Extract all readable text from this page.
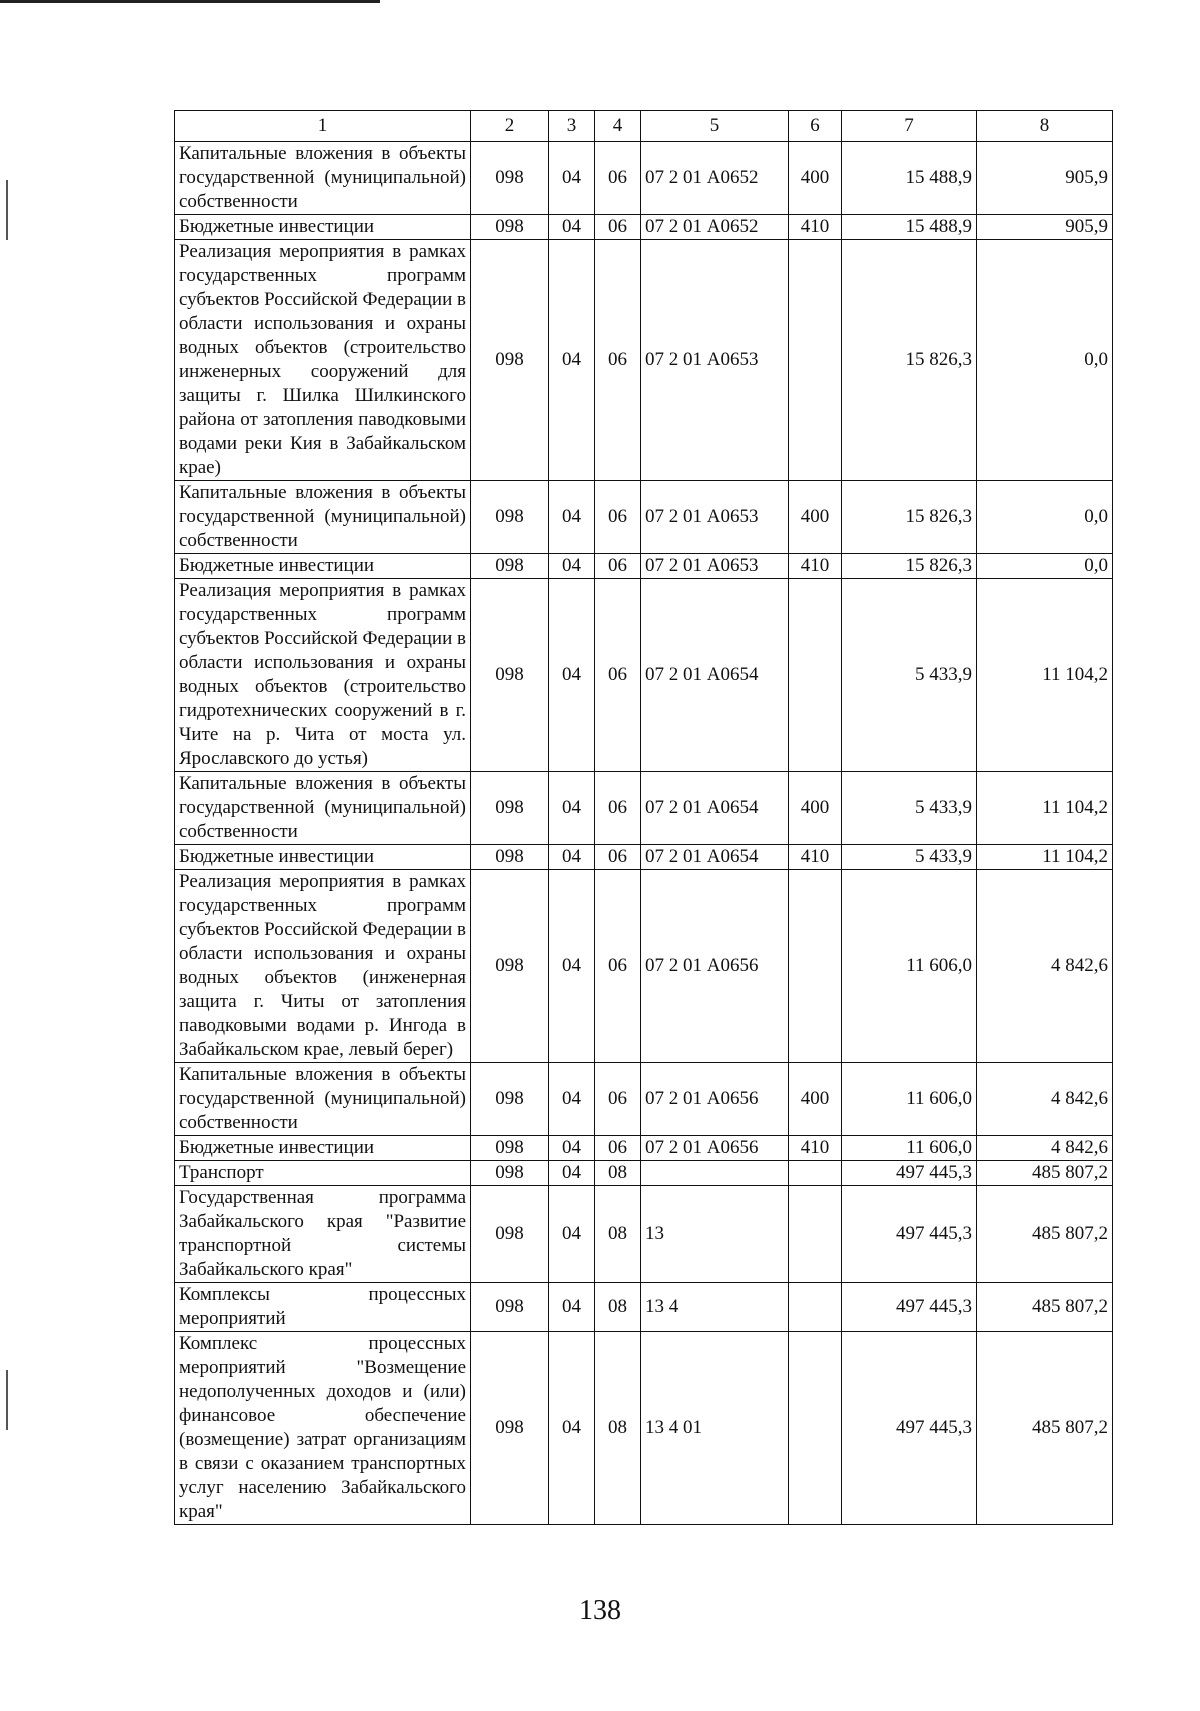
1	2	3	4	5	6	7	8
Капитальные вложения в объекты государственной (муниципальной) собственности	098	04	06	07 2 01 А0652	400	15 488,9	905,9
Бюджетные инвестиции	098	04	06	07 2 01 А0652	410	15 488,9	905,9
Реализация мероприятия в рамках государственных программ субъектов Российской Федерации в области использования и охраны водных объектов (строительство инженерных сооружений для защиты г. Шилка Шилкинского района от затопления паводковыми водами реки Кия в Забайкальском крае)	098	04	06	07 2 01 А0653		15 826,3	0,0
Капитальные вложения в объекты государственной (муниципальной) собственности	098	04	06	07 2 01 А0653	400	15 826,3	0,0
Бюджетные инвестиции	098	04	06	07 2 01 А0653	410	15 826,3	0,0
Реализация мероприятия в рамках государственных программ субъектов Российской Федерации в области использования и охраны водных объектов (строительство гидротехнических сооружений в г. Чите на р. Чита от моста ул. Ярославского до устья)	098	04	06	07 2 01 А0654		5 433,9	11 104,2
Капитальные вложения в объекты государственной (муниципальной) собственности	098	04	06	07 2 01 А0654	400	5 433,9	11 104,2
Бюджетные инвестиции	098	04	06	07 2 01 А0654	410	5 433,9	11 104,2
Реализация мероприятия в рамках государственных программ субъектов Российской Федерации в области использования и охраны водных объектов (инженерная защита г. Читы от затопления паводковыми водами р. Ингода в Забайкальском крае, левый берег)	098	04	06	07 2 01 А0656		11 606,0	4 842,6
Капитальные вложения в объекты государственной (муниципальной) собственности	098	04	06	07 2 01 А0656	400	11 606,0	4 842,6
Бюджетные инвестиции	098	04	06	07 2 01 А0656	410	11 606,0	4 842,6
Транспорт	098	04	08			497 445,3	485 807,2
Государственная программа Забайкальского края "Развитие транспортной системы Забайкальского края"	098	04	08	13		497 445,3	485 807,2
Комплексы процессных мероприятий	098	04	08	13 4		497 445,3	485 807,2
Комплекс процессных мероприятий "Возмещение недополученных доходов и (или) финансовое обеспечение (возмещение) затрат организациям в связи с оказанием транспортных услуг населению Забайкальского края"	098	04	08	13 4 01		497 445,3	485 807,2
138
